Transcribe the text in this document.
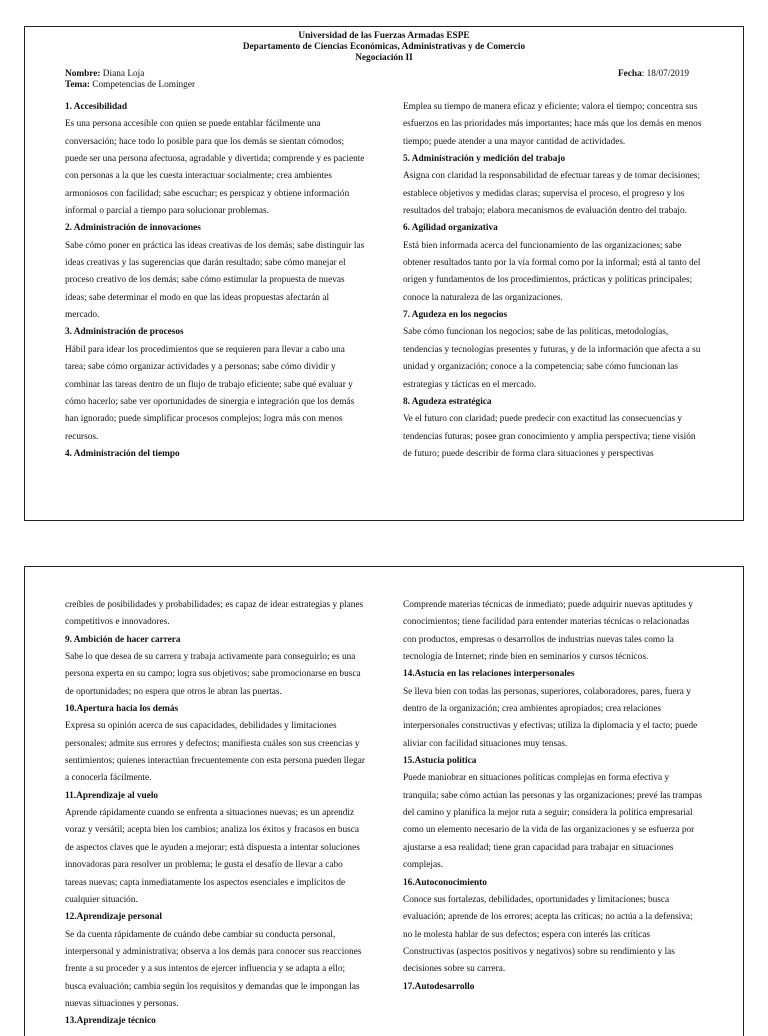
Universidad de las Fuerzas Armadas ESPE
Departamento de Ciencias Económicas, Administrativas y de Comercio
Negociación II
Nombre: Diana Loja
Tema: Competencias de Lominger
Fecha: 18/07/2019
1. Accesibilidad

Es una persona accesible con quien se puede entablar fácilmente una conversación; hace todo lo posible para que los demás se sientan cómodos; puede ser una persona afectuosa, agradable y divertida; comprende y es paciente con personas a la que les cuesta interactuar socialmente; crea ambientes armoniosos con facilidad; sabe escuchar; es perspicaz y obtiene información informal o parcial a tiempo para solucionar problemas.

2. Administración de innovaciones

Sabe cómo poner en práctica las ideas creativas de los demás; sabe distinguir las ideas creativas y las sugerencias que darán resultado; sabe cómo manejar el proceso creativo de los demás; sabe cómo estimular la propuesta de nuevas ideas; sabe determinar el modo en que las ideas propuestas afectarán al mercado.

3. Administración de procesos

Hábil para idear los procedimientos que se requieren para llevar a cabo una tarea; sabe cómo organizar actividades y a personas; sabe cómo dividir y combinar las tareas dentro de un flujo de trabajo eficiente; sabe qué evaluar y cómo hacerlo; sabe ver oportunidades de sinergia e integración que los demás han ignorado; puede simplificar procesos complejos; logra más con menos recursos.

4. Administración del tiempo

Emplea su tiempo de manera eficaz y eficiente; valora el tiempo; concentra sus esfuerzos en las prioridades más importantes; hace más que los demás en menos tiempo; puede atender a una mayor cantidad de actividades.

5. Administración y medición del trabajo

Asigna con claridad la responsabilidad de efectuar tareas y de tomar decisiones; establece objetivos y medidas claras; supervisa el proceso, el progreso y los resultados del trabajo; elabora mecanismos de evaluación dentro del trabajo.

6. Agilidad organizativa

Está bien informada acerca del funcionamiento de las organizaciones; sabe obtener resultados tanto por la vía formal como por la informal; está al tanto del origen y fundamentos de los procedimientos, prácticas y políticas principales; conoce la naturaleza de las organizaciones.

7. Agudeza en los negocios

Sabe cómo funcionan los negocios; sabe de las políticas, metodologías, tendencias y tecnologías presentes y futuras, y de la información que afecta a su unidad y organización; conoce a la competencia; sabe cómo funcionan las estrategias y tácticas en el mercado.

8. Agudeza estratégica

Ve el futuro con claridad; puede predecir con exactitud las consecuencias y tendencias futuras; posee gran conocimiento y amplia perspectiva; tiene visión de futuro; puede describir de forma clara situaciones y perspectivas

creíbles de posibilidades y probabilidades; es capaz de idear estrategias y planes competitivos e innovadores.

9. Ambición de hacer carrera

Sabe lo que desea de su carrera y trabaja activamente para conseguirlo; es una persona experta en su campo; logra sus objetivos; sabe promocionarse en busca de oportunidades; no espera que otros le abran las puertas.

10.Apertura hacia los demás

Expresa su opinión acerca de sus capacidades, debilidades y limitaciones personales; admite sus errores y defectos; manifiesta cuáles son sus creencias y sentimientos; quienes interactúan frecuentemente con esta persona pueden llegar a conocerla fácilmente.

11.Aprendizaje al vuelo

Aprende rápidamente cuando se enfrenta a situaciones nuevas; es un aprendiz voraz y versátil; acepta bien los cambios; analiza los éxitos y fracasos en busca de aspectos claves que le ayuden a mejorar; está dispuesta a intentar soluciones innovadoras para resolver un problema; le gusta el desafío de llevar a cabo tareas nuevas; capta inmediatamente los aspectos esenciales e implícitos de cualquier situación.

12.Aprendizaje personal

Se da cuenta rápidamente de cuándo debe cambiar su conducta personal, interpersonal y administrativa; observa a los demás para conocer sus reacciones frente a su proceder y a sus intentos de ejercer influencia y se adapta a ello; busca evaluación; cambia según los requisitos y demandas que le impongan las nuevas situaciones y personas.

13.Aprendizaje técnico

Comprende materias técnicas de inmediato; puede adquirir nuevas aptitudes y conocimientos; tiene facilidad para entender materias técnicas o relacionadas con productos, empresas o desarrollos de industrias nuevas tales como la tecnología de Internet; rinde bien en seminarios y cursos técnicos.

14.Astucia en las relaciones interpersonales

Se lleva bien con todas las personas, superiores, colaboradores, pares, fuera y dentro de la organización; crea ambientes apropiados; crea relaciones interpersonales constructivas y efectivas; utiliza la diplomacia y el tacto; puede aliviar con facilidad situaciones muy tensas.

15.Astucia política

Puede maniobrar en situaciones políticas complejas en forma efectiva y tranquila; sabe cómo actúan las personas y las organizaciones; prevé las trampas del camino y planifica la mejor ruta a seguir; considera la política empresarial como un elemento necesario de la vida de las organizaciones y se esfuerza por ajustarse a esa realidad; tiene gran capacidad para trabajar en situaciones complejas.

16.Autoconocimiento

Conoce sus fortalezas, debilidades, oportunidades y limitaciones; busca evaluación; aprende de los errores; acepta las críticas; no actúa a la defensiva; no le molesta hablar de sus defectos; espera con interés las críticas Constructivas (aspectos positivos y negativos) sobre su rendimiento y las decisiones sobre su carrera.

17.Autodesarrollo
